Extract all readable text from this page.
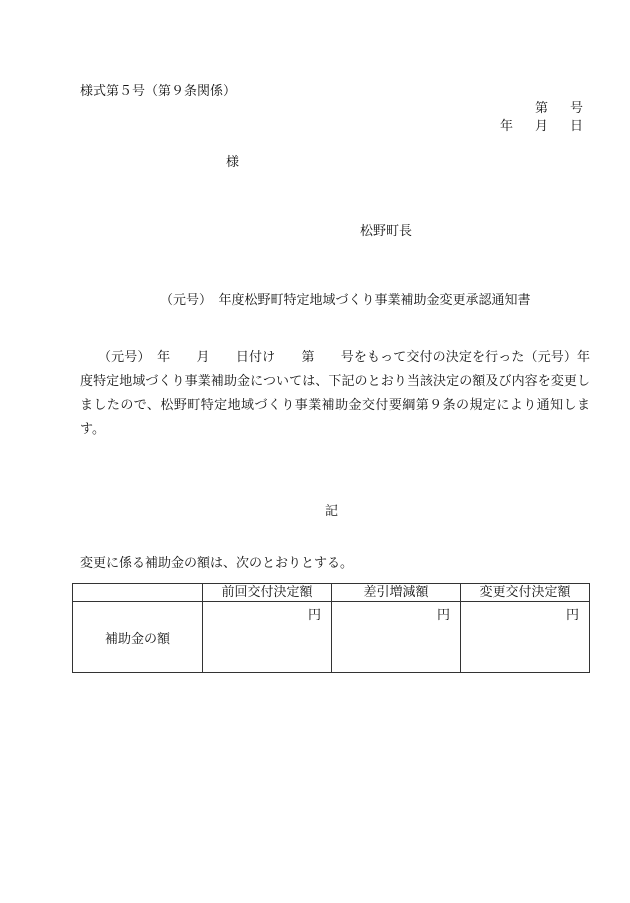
様式第５号（第９条関係）
第 号
年 月 日
様
松野町長
（元号）　年度松野町特定地域づくり事業補助金変更承認通知書
（元号）　年　　月　　日付け　　第　　号をもって交付の決定を行った（元号）年度特定地域づくり事業補助金については、下記のとおり当該決定の額及び内容を変更しましたので、松野町特定地域づくり事業補助金交付要綱第９条の規定により通知します。
記
変更に係る補助金の額は、次のとおりとする。
	前回交付決定額	差引増減額	変更交付決定額
補助金の額	円	円	円
